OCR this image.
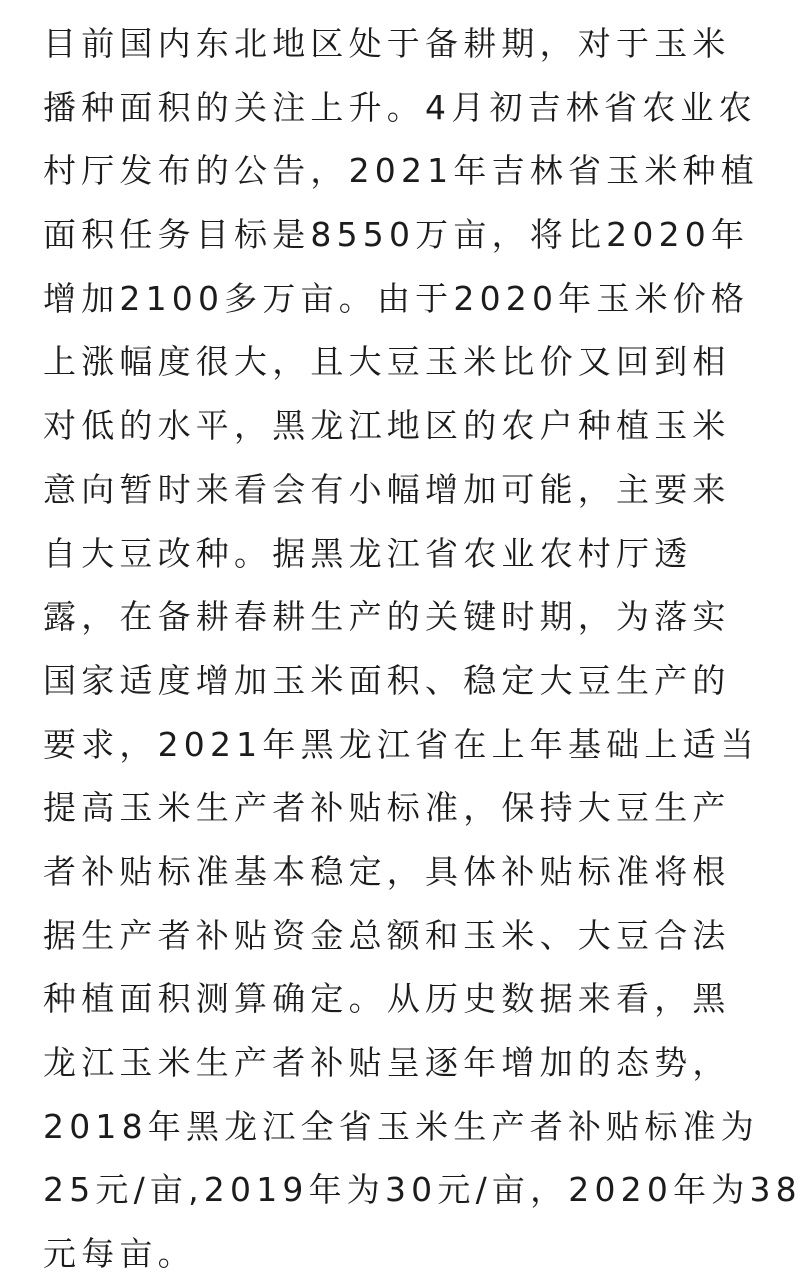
目前国内东北地区处于备耕期，对于玉米
播种面积的关注上升。4月初吉林省农业农
村厅发布的公告，2021年吉林省玉米种植
面积任务目标是8550万亩，将比2020年
增加2100多万亩。由于2020年玉米价格
上涨幅度很大，且大豆玉米比价又回到相
对低的水平，黑龙江地区的农户种植玉米
意向暂时来看会有小幅增加可能，主要来
自大豆改种。据黑龙江省农业农村厅透
露，在备耕春耕生产的关键时期，为落实
国家适度增加玉米面积、稳定大豆生产的
要求，2021年黑龙江省在上年基础上适当
提高玉米生产者补贴标准，保持大豆生产
者补贴标准基本稳定，具体补贴标准将根
据生产者补贴资金总额和玉米、大豆合法
种植面积测算确定。从历史数据来看，黑
龙江玉米生产者补贴呈逐年增加的态势，
2018年黑龙江全省玉米生产者补贴标准为
25元/亩,2019年为30元/亩，2020年为38
元每亩。
